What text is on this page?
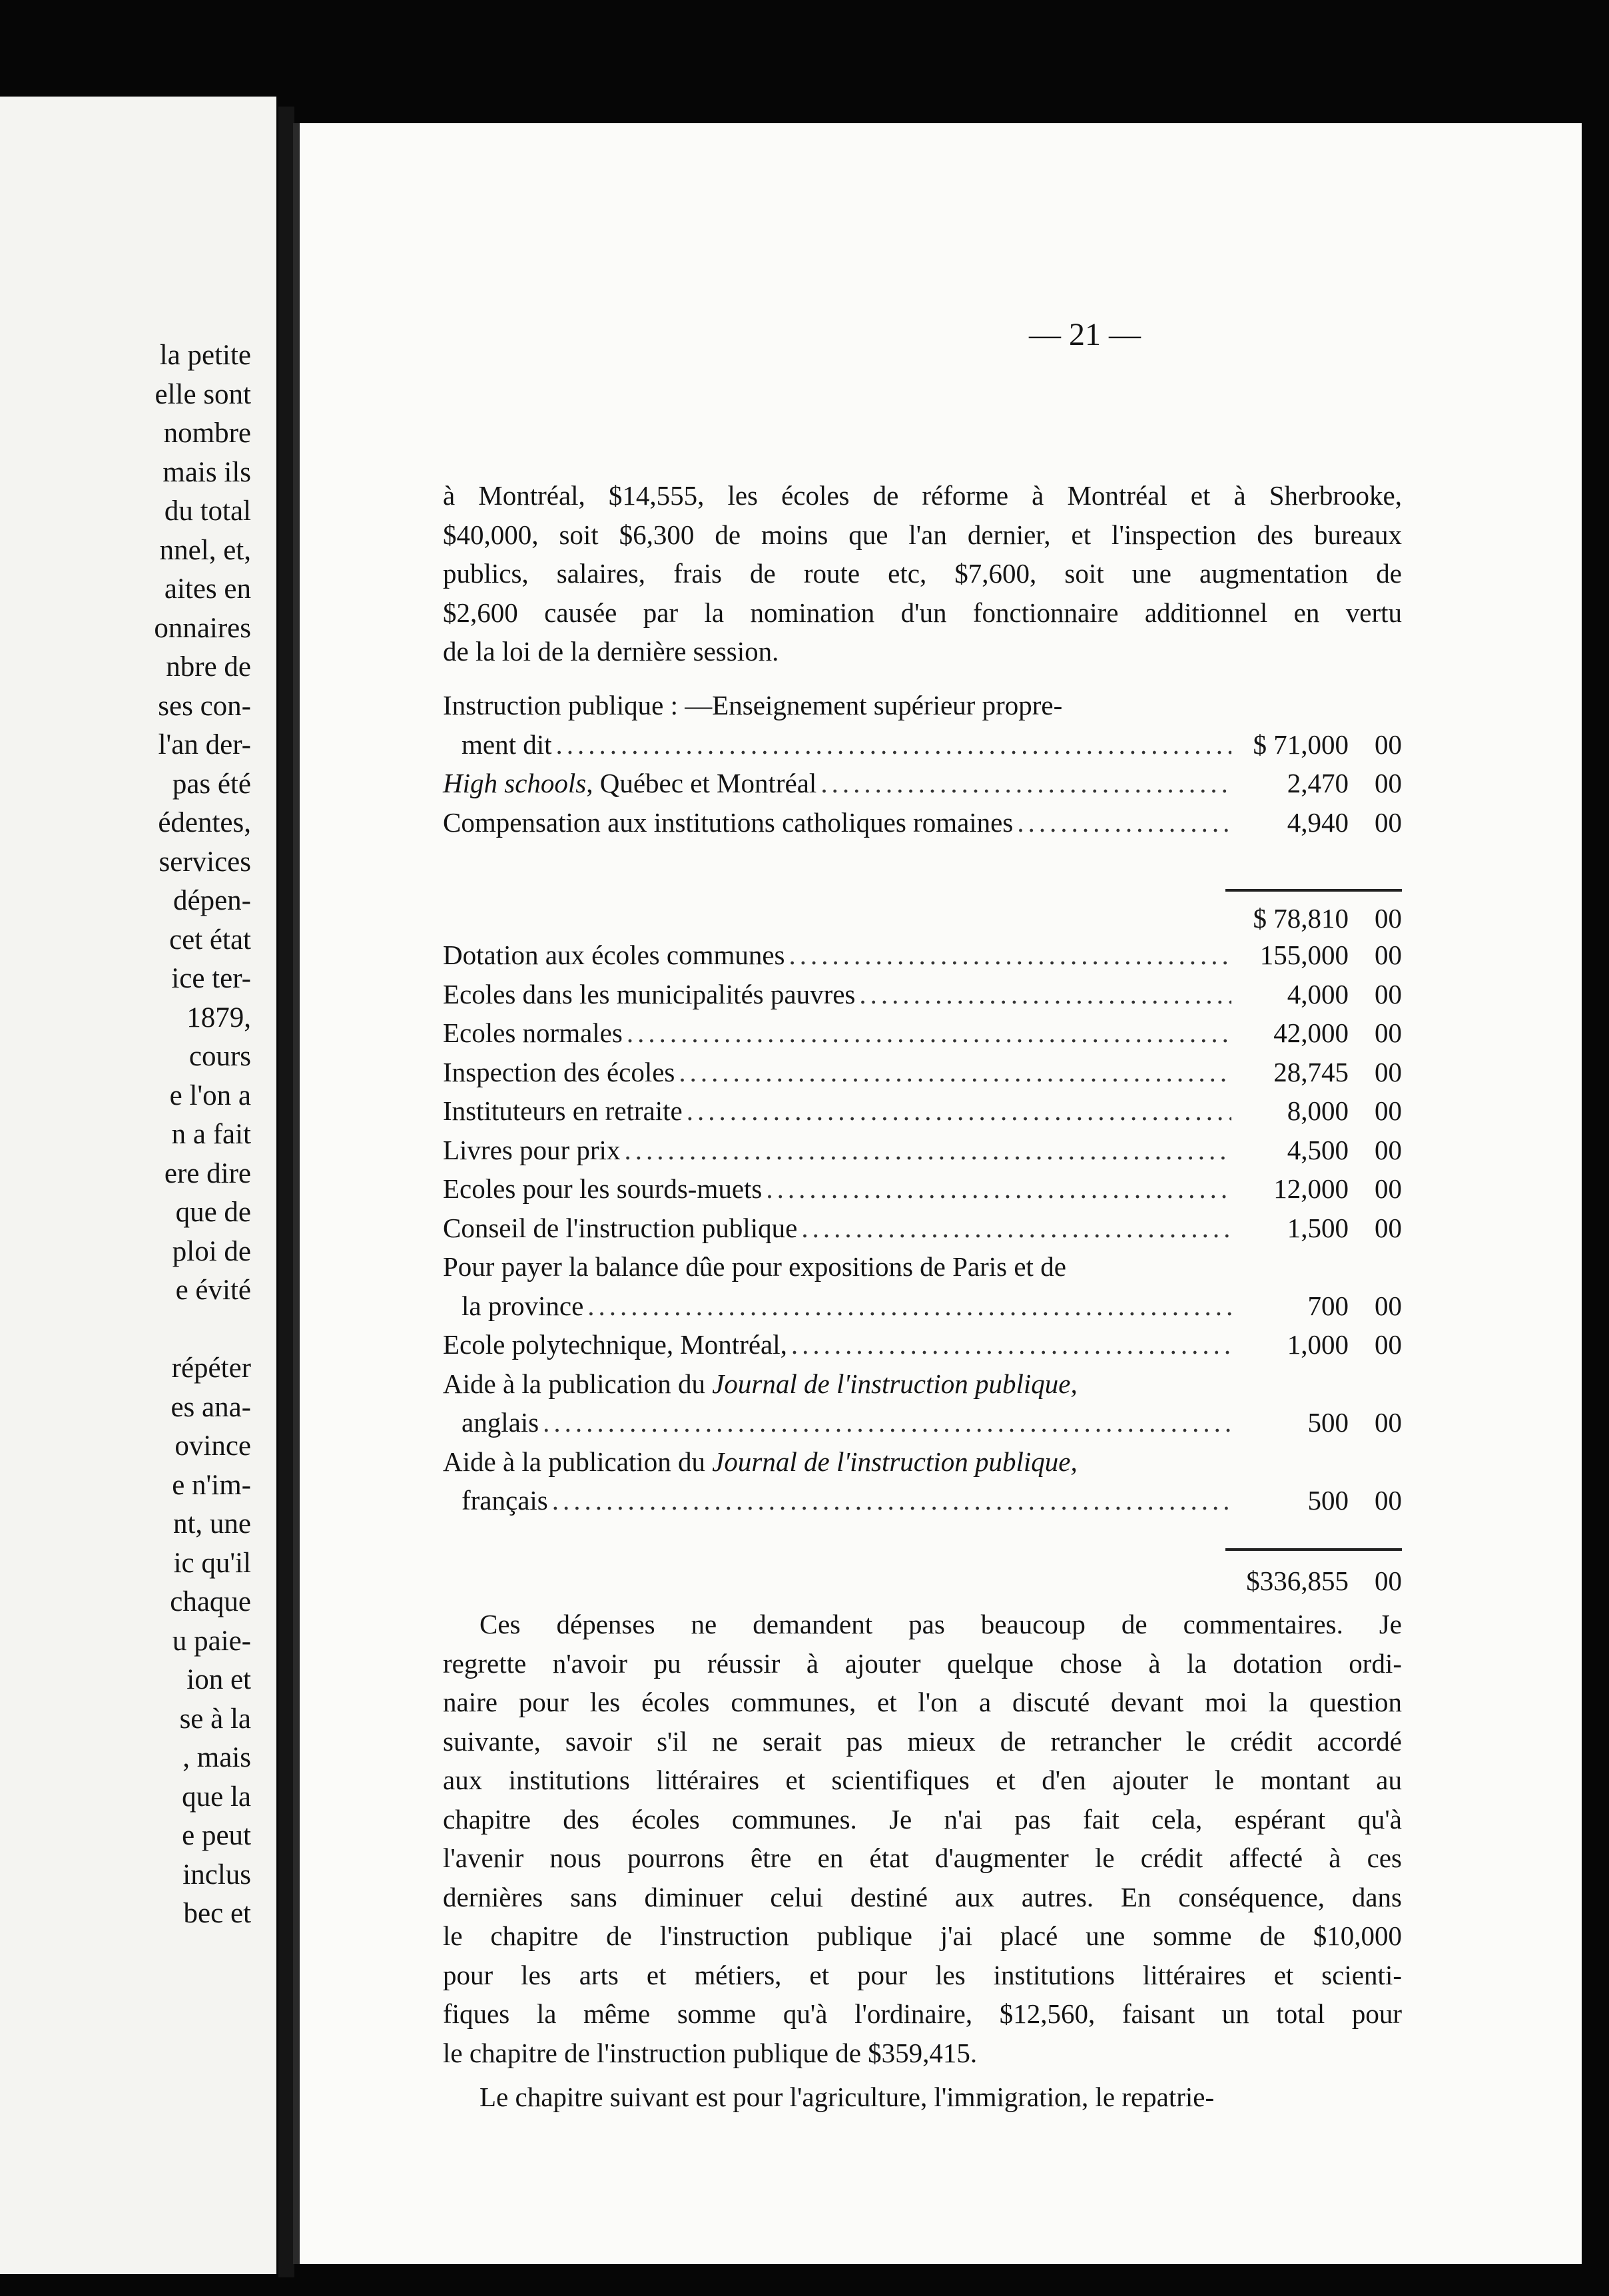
la petite
elle sont
nombre
mais ils
du total
nnel, et,
aites en
onnaires
nbre de
ses con-
l'an der-
pas été
édentes,
services
dépen-
cet état
ice ter-
1879,
cours
e l'on a
n a fait
ere dire
que de
ploi de
e évité

répéter
es ana-
ovince
e n'im-
nt, une
ic qu'il
chaque
u paie-
ion et
se à la
, mais
que la
e peut
inclus
bec et
— 21 —
à Montréal, $14,555, les écoles de réforme à Montréal et à Sherbrooke,
$40,000, soit $6,300 de moins que l'an dernier, et l'inspection des bureaux
publics, salaires, frais de route etc, $7,600, soit une augmentation de
$2,600 causée par la nomination d'un fonctionnaire additionnel en vertu
de la loi de la dernière session.
Instruction publique : —Enseignement supérieur propre-
ment dit .....	$ 71,000 00
High schools, Québec et Montréal .....	2,470 00
Compensation aux institutions catholiques romaines .....	4,940 00
$ 78,810 00
Dotation aux écoles communes .....	155,000 00
Ecoles dans les municipalités pauvres .....	4,000 00
Ecoles normales .....	42,000 00
Inspection des écoles .....	28,745 00
Instituteurs en retraite .....	8,000 00
Livres pour prix .....	4,500 00
Ecoles pour les sourds-muets .....	12,000 00
Conseil de l'instruction publique .....	1,500 00
Pour payer la balance dûe pour expositions de Paris et de
la province .....	700 00
Ecole polytechnique, Montréal, .....	1,000 00
Aide à la publication du Journal de l'instruction publique,
anglais .....	500 00
Aide à la publication du Journal de l'instruction publique,
français .....	500 00
$336,855 00
Ces dépenses ne demandent pas beaucoup de commentaires. Je
regrette n'avoir pu réussir à ajouter quelque chose à la dotation ordi-
naire pour les écoles communes, et l'on a discuté devant moi la question
suivante, savoir s'il ne serait pas mieux de retrancher le crédit accordé
aux institutions littéraires et scientifiques et d'en ajouter le montant au
chapitre des écoles communes. Je n'ai pas fait cela, espérant qu'à
l'avenir nous pourrons être en état d'augmenter le crédit affecté à ces
dernières sans diminuer celui destiné aux autres. En conséquence, dans
le chapitre de l'instruction publique j'ai placé une somme de $10,000
pour les arts et métiers, et pour les institutions littéraires et scienti-
fiques la même somme qu'à l'ordinaire, $12,560, faisant un total pour
le chapitre de l'instruction publique de $359,415.
Le chapitre suivant est pour l'agriculture, l'immigration, le repatrie-
